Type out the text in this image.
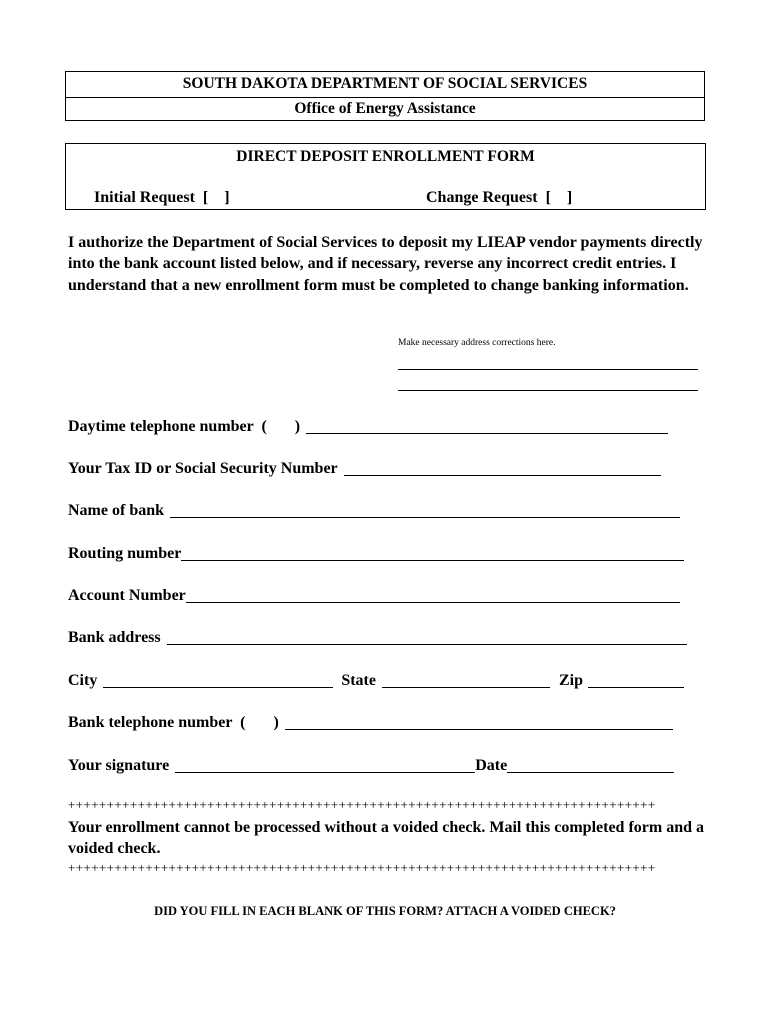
SOUTH DAKOTA DEPARTMENT OF SOCIAL SERVICES
Office of Energy Assistance
DIRECT DEPOSIT ENROLLMENT FORM
Initial Request  [    ]	Change Request  [    ]
I authorize the Department of Social Services to deposit my LIEAP vendor payments directly into the bank account listed below, and if necessary, reverse any incorrect credit entries. I understand that a new enrollment form must be completed to change banking information.
Make necessary address corrections here.
Daytime telephone number  (       )
Your Tax ID or Social Security Number
Name of bank
Routing number
Account Number
Bank address
City	State	Zip
Bank telephone number  (       )
Your signature	Date
++++++++++++++++++++++++++++++++++++++++++++++++++++++++++++++++++++++++++++
Your enrollment cannot be processed without a voided check. Mail this completed form and a voided check.
++++++++++++++++++++++++++++++++++++++++++++++++++++++++++++++++++++++++++++
DID YOU FILL IN EACH BLANK OF THIS FORM? ATTACH A VOIDED CHECK?
